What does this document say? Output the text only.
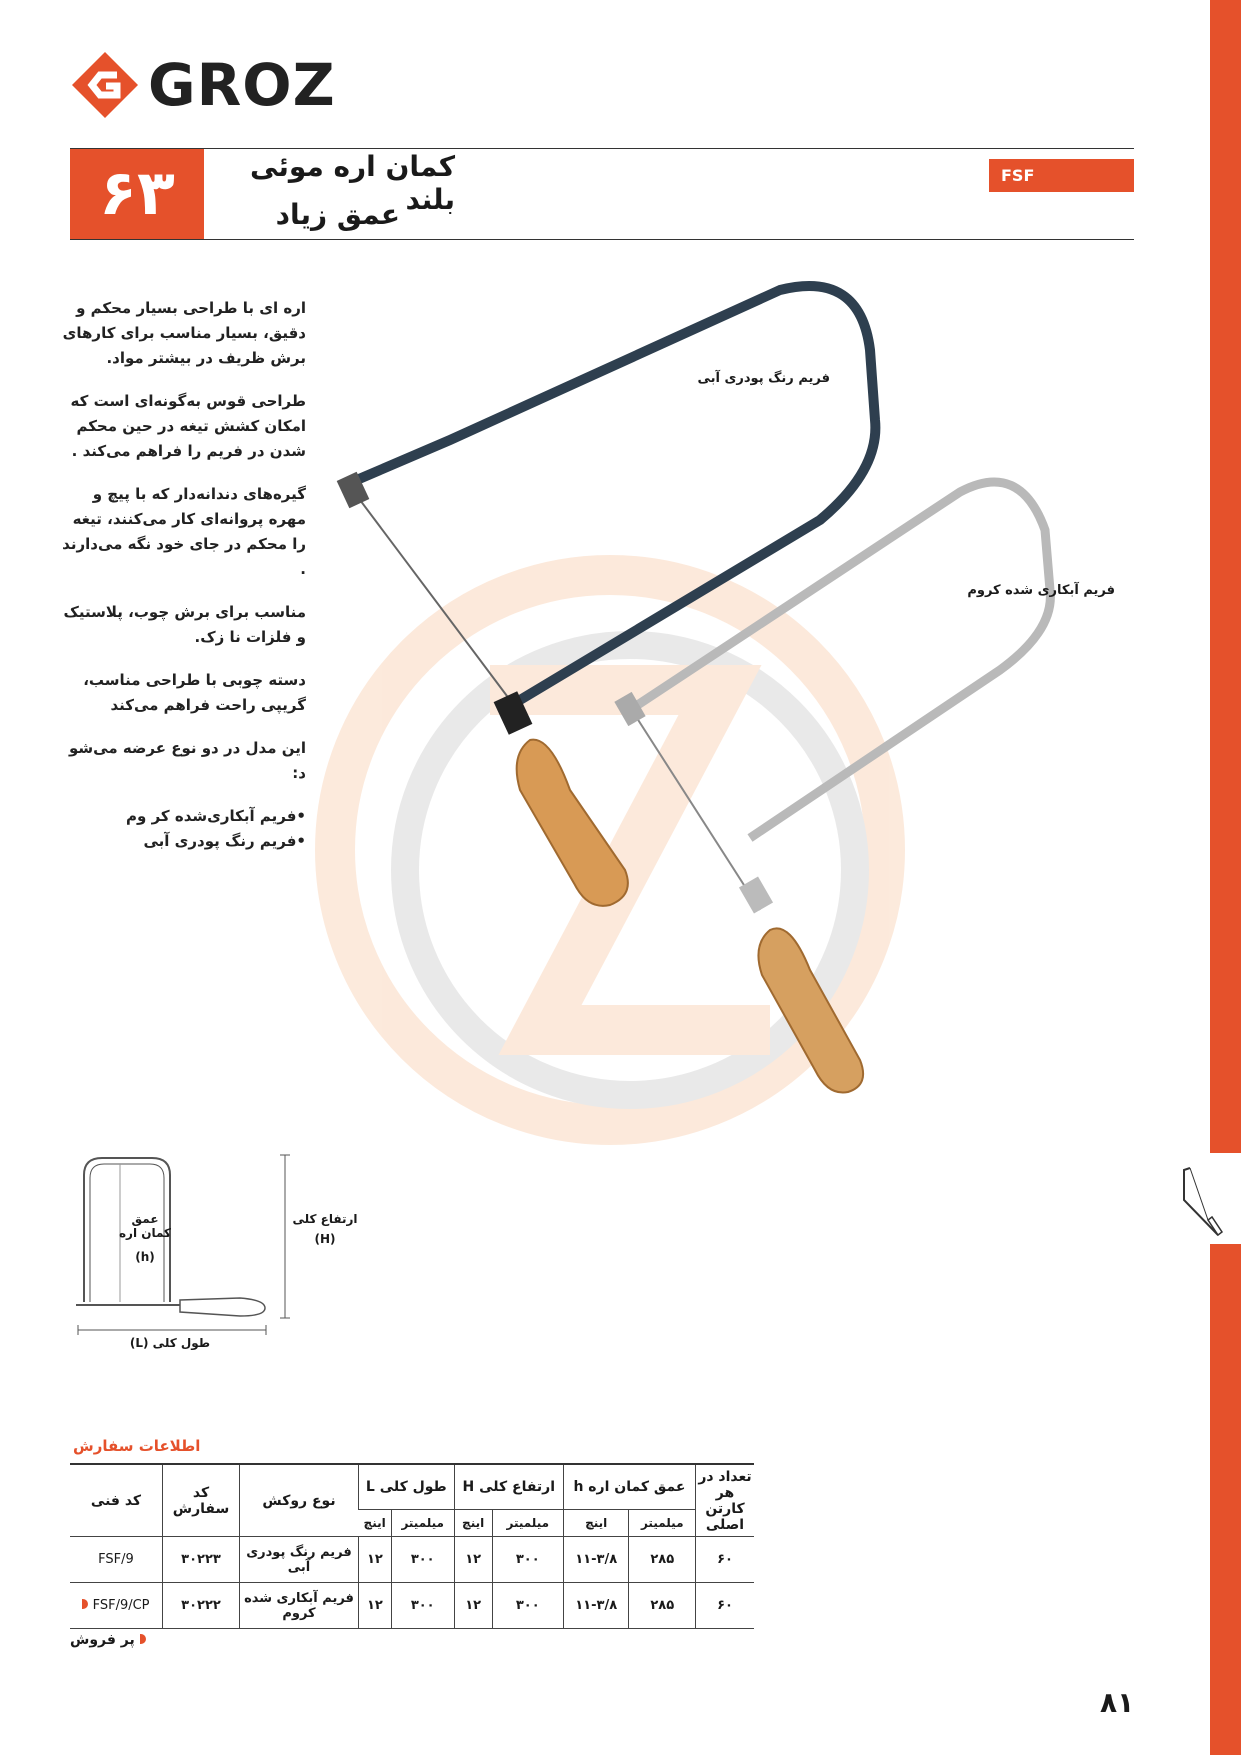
GROZ
۶۳	کمان اره موئی بلند
عمق زیاد
FSF

اره ای با طراحی بسیار محکم و دقیق، بسیار مناسب برای کارهای برش ظریف در بیشتر مواد.

طراحی قوس به‌گونه‌ای است که امکان کشش تیغه در حین محکم شدن در فریم را فراهم می‌کند .

گیره‌های دندانه‌دار که با پیچ و مهره پروانه‌ای کار می‌کنند، تیغه را محکم در جای خود نگه می‌دارند .

مناسب برای برش چوب، پلاستیک و فلزات نا زک.

دسته چوبی با طراحی مناسب، گریپی راحت فراهم می‌کند

این مدل در دو نوع عرضه می‌شو د:

•فریم آبکاری‌شده کر وم

•فریم رنگ پودری آبی

فریم رنگ پودری آبی
فریم آبکاری شده کروم
عمق کمان اره
(h)
ارتفاع کلی
(H)
طول کلی (L)
اطلاعات سفارش
تعداد در هر کارتن اصلی	عمق کمان اره h		ارتفاع کلی H		طول کلی L		نوع روکش	کد سفارش	کد فنی
	میلمیتر	اینچ	میلمیتر	اینچ	میلمیتر	اینچ			
۶۰	۲۸۵	۱۱-۳/۸	۳۰۰	۱۲	۳۰۰	۱۲	فریم رنگ پودری آبی	۳۰۲۲۳	FSF/9
۶۰	۲۸۵	۱۱-۳/۸	۳۰۰	۱۲	۳۰۰	۱۲	فریم آبکاری شده کروم	۳۰۲۲۲	FSF/9/CP
پر فروش
۸۱
